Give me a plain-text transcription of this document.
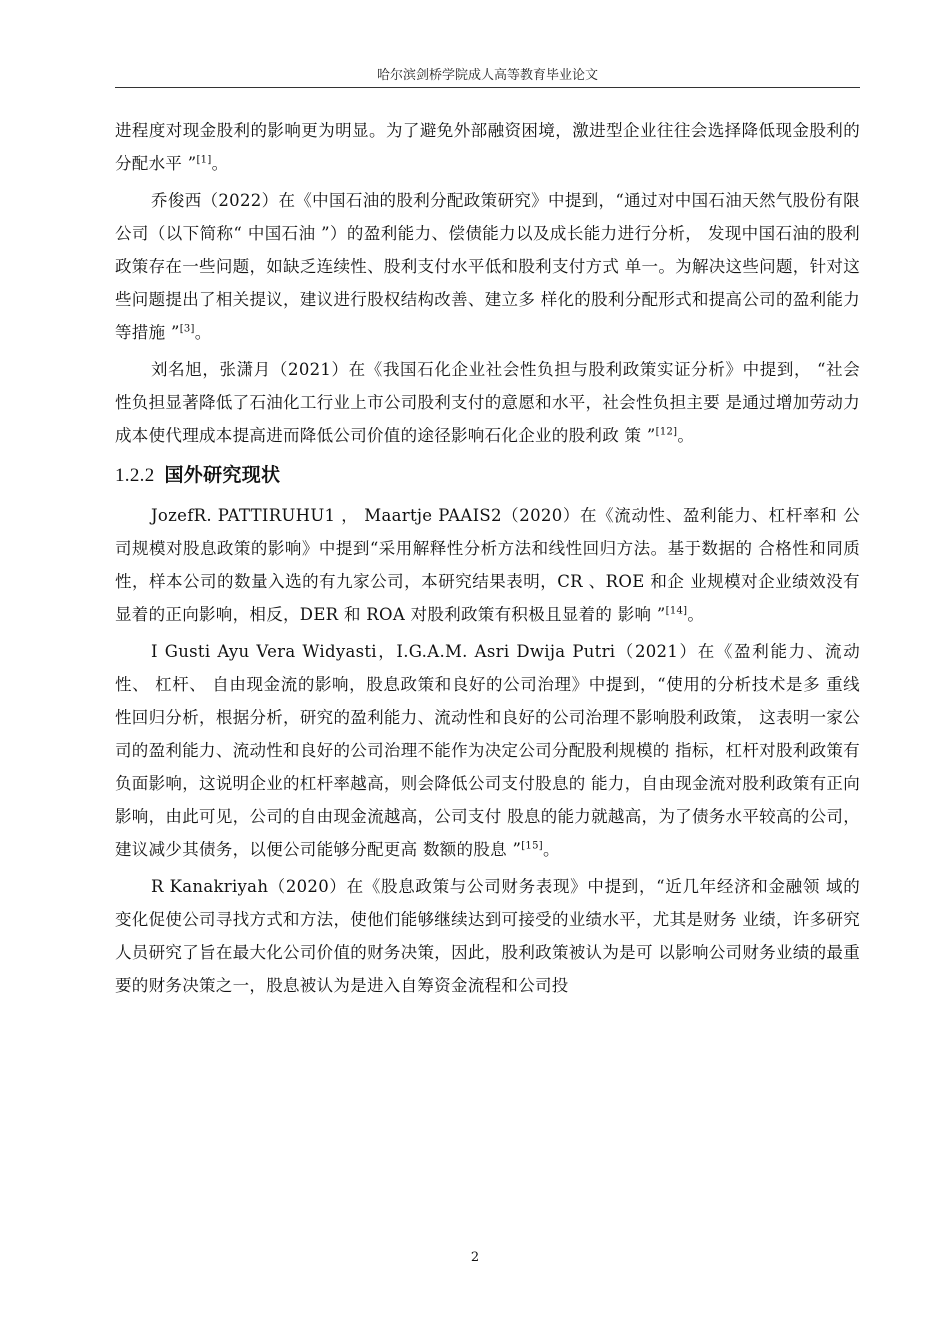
哈尔滨剑桥学院成人高等教育毕业论文

进程度对现金股利的影响更为明显。为了避免外部融资困境，激进型企业往往会选择降低现金股利的分配水平 ”[1]。

乔俊西（2022）在《中国石油的股利分配政策研究》中提到，“通过对中国石油天然气股份有限公司（以下简称“ 中国石油 ”）的盈利能力、偿债能力以及成长能力进行分析， 发现中国石油的股利政策存在一些问题，如缺乏连续性、股利支付水平低和股利支付方式 单一。为解决这些问题，针对这些问题提出了相关提议，建议进行股权结构改善、建立多 样化的股利分配形式和提高公司的盈利能力等措施 ”[3]。

刘名旭，张潇月（2021）在《我国石化企业社会性负担与股利政策实证分析》中提到， “社会性负担显著降低了石油化工行业上市公司股利支付的意愿和水平，社会性负担主要 是通过增加劳动力成本使代理成本提高进而降低公司价值的途径影响石化企业的股利政 策 ”[12]。

1.2.2 国外研究现状

JozefR. PATTIRUHU1 ， Maartje PAAIS2（2020）在《流动性、盈利能力、杠杆率和 公司规模对股息政策的影响》中提到“采用解释性分析方法和线性回归方法。基于数据的 合格性和同质性，样本公司的数量入选的有九家公司，本研究结果表明，CR 、ROE 和企 业规模对企业绩效没有显着的正向影响，相反，DER 和 ROA 对股利政策有积极且显着的 影响 ”[14]。

I Gusti Ayu Vera Widyasti，I.G.A.M. Asri Dwija Putri（2021）在《盈利能力、流动性、 杠杆、 自由现金流的影响，股息政策和良好的公司治理》中提到，“使用的分析技术是多 重线性回归分析，根据分析，研究的盈利能力、流动性和良好的公司治理不影响股利政策， 这表明一家公司的盈利能力、流动性和良好的公司治理不能作为决定公司分配股利规模的 指标，杠杆对股利政策有负面影响，这说明企业的杠杆率越高，则会降低公司支付股息的 能力，自由现金流对股利政策有正向影响，由此可见，公司的自由现金流越高，公司支付 股息的能力就越高，为了债务水平较高的公司，建议减少其债务，以便公司能够分配更高 数额的股息 ”[15]。

R Kanakriyah（2020）在《股息政策与公司财务表现》中提到，“近几年经济和金融领 域的变化促使公司寻找方式和方法，使他们能够继续达到可接受的业绩水平，尤其是财务 业绩，许多研究人员研究了旨在最大化公司价值的财务决策，因此，股利政策被认为是可 以影响公司财务业绩的最重要的财务决策之一，股息被认为是进入自筹资金流程和公司投

2
